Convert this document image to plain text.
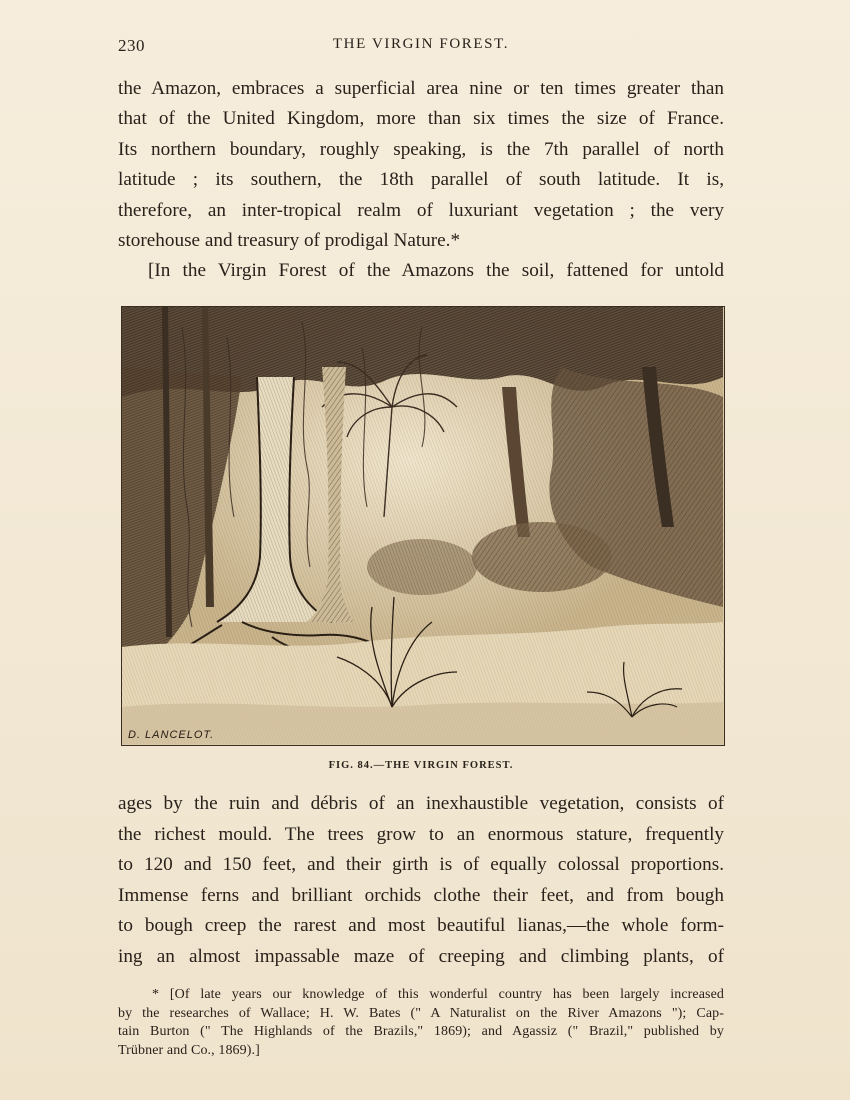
230	THE VIRGIN FOREST.
the Amazon, embraces a superficial area nine or ten times greater than
that of the United Kingdom, more than six times the size of France.
Its northern boundary, roughly speaking, is the 7th parallel of north
latitude ; its southern, the 18th parallel of south latitude. It is,
therefore, an inter-tropical realm of luxuriant vegetation ; the very
storehouse and treasury of prodigal Nature.*
[In the Virgin Forest of the Amazons the soil, fattened for untold
D. LANCELOT.
FIG. 84.—THE VIRGIN FOREST.
ages by the ruin and débris of an inexhaustible vegetation, consists of
the richest mould. The trees grow to an enormous stature, frequently
to 120 and 150 feet, and their girth is of equally colossal proportions.
Immense ferns and brilliant orchids clothe their feet, and from bough
to bough creep the rarest and most beautiful lianas,—the whole form-
ing an almost impassable maze of creeping and climbing plants, of
* [Of late years our knowledge of this wonderful country has been largely increased
by the researches of Wallace; H. W. Bates (" A Naturalist on the River Amazons "); Cap-
tain Burton (" The Highlands of the Brazils," 1869); and Agassiz (" Brazil," published by
Trübner and Co., 1869).]
